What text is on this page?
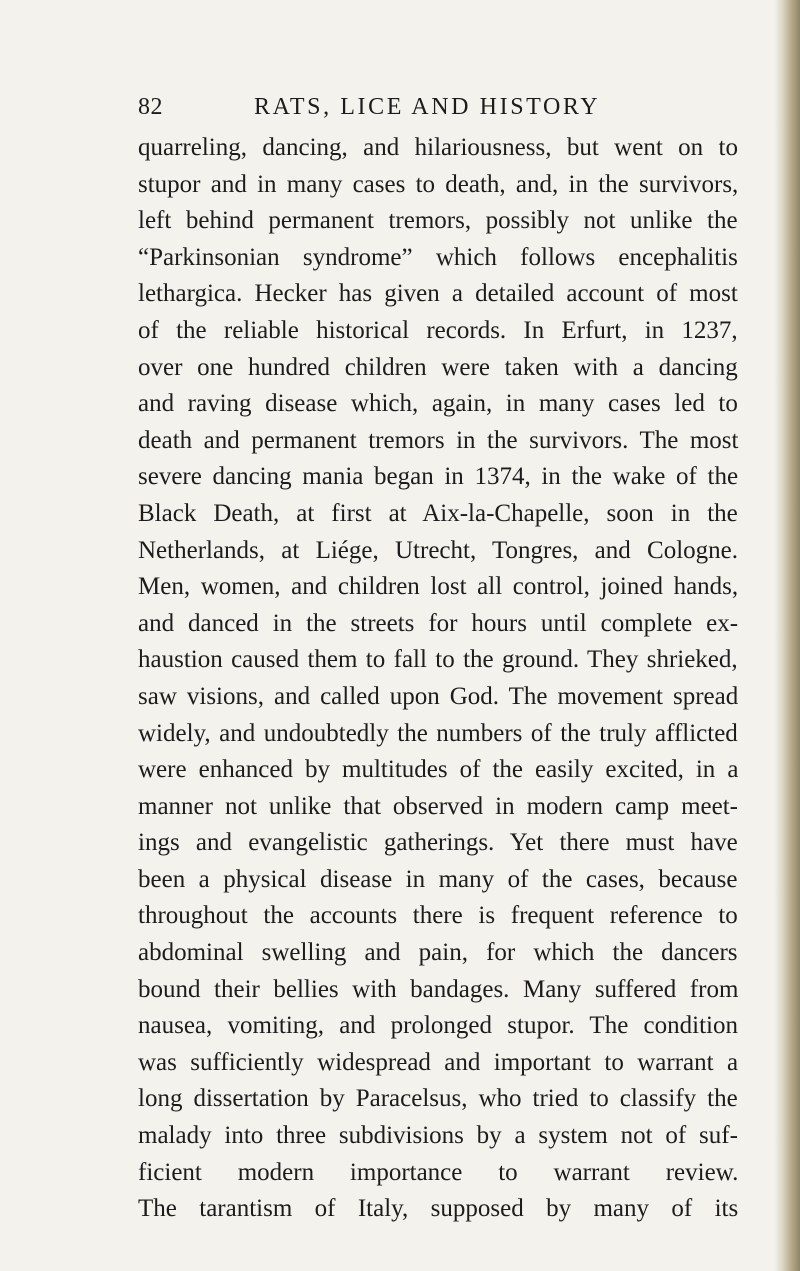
82	RATS, LICE AND HISTORY
quarreling, dancing, and hilariousness, but went on to
stupor and in many cases to death, and, in the survivors,
left behind permanent tremors, possibly not unlike the
“Parkinsonian syndrome” which follows encephalitis
lethargica. Hecker has given a detailed account of most
of the reliable historical records. In Erfurt, in 1237,
over one hundred children were taken with a dancing
and raving disease which, again, in many cases led to
death and permanent tremors in the survivors. The most
severe dancing mania began in 1374, in the wake of the
Black Death, at first at Aix-la-Chapelle, soon in the
Netherlands, at Liége, Utrecht, Tongres, and Cologne.
Men, women, and children lost all control, joined hands,
and danced in the streets for hours until complete ex-
haustion caused them to fall to the ground. They shrieked,
saw visions, and called upon God. The movement spread
widely, and undoubtedly the numbers of the truly afflicted
were enhanced by multitudes of the easily excited, in a
manner not unlike that observed in modern camp meet-
ings and evangelistic gatherings. Yet there must have
been a physical disease in many of the cases, because
throughout the accounts there is frequent reference to
abdominal swelling and pain, for which the dancers
bound their bellies with bandages. Many suffered from
nausea, vomiting, and prolonged stupor. The condition
was sufficiently widespread and important to warrant a
long dissertation by Paracelsus, who tried to classify the
malady into three subdivisions by a system not of suf-
ficient modern importance to warrant review.
The tarantism of Italy, supposed by many of its
